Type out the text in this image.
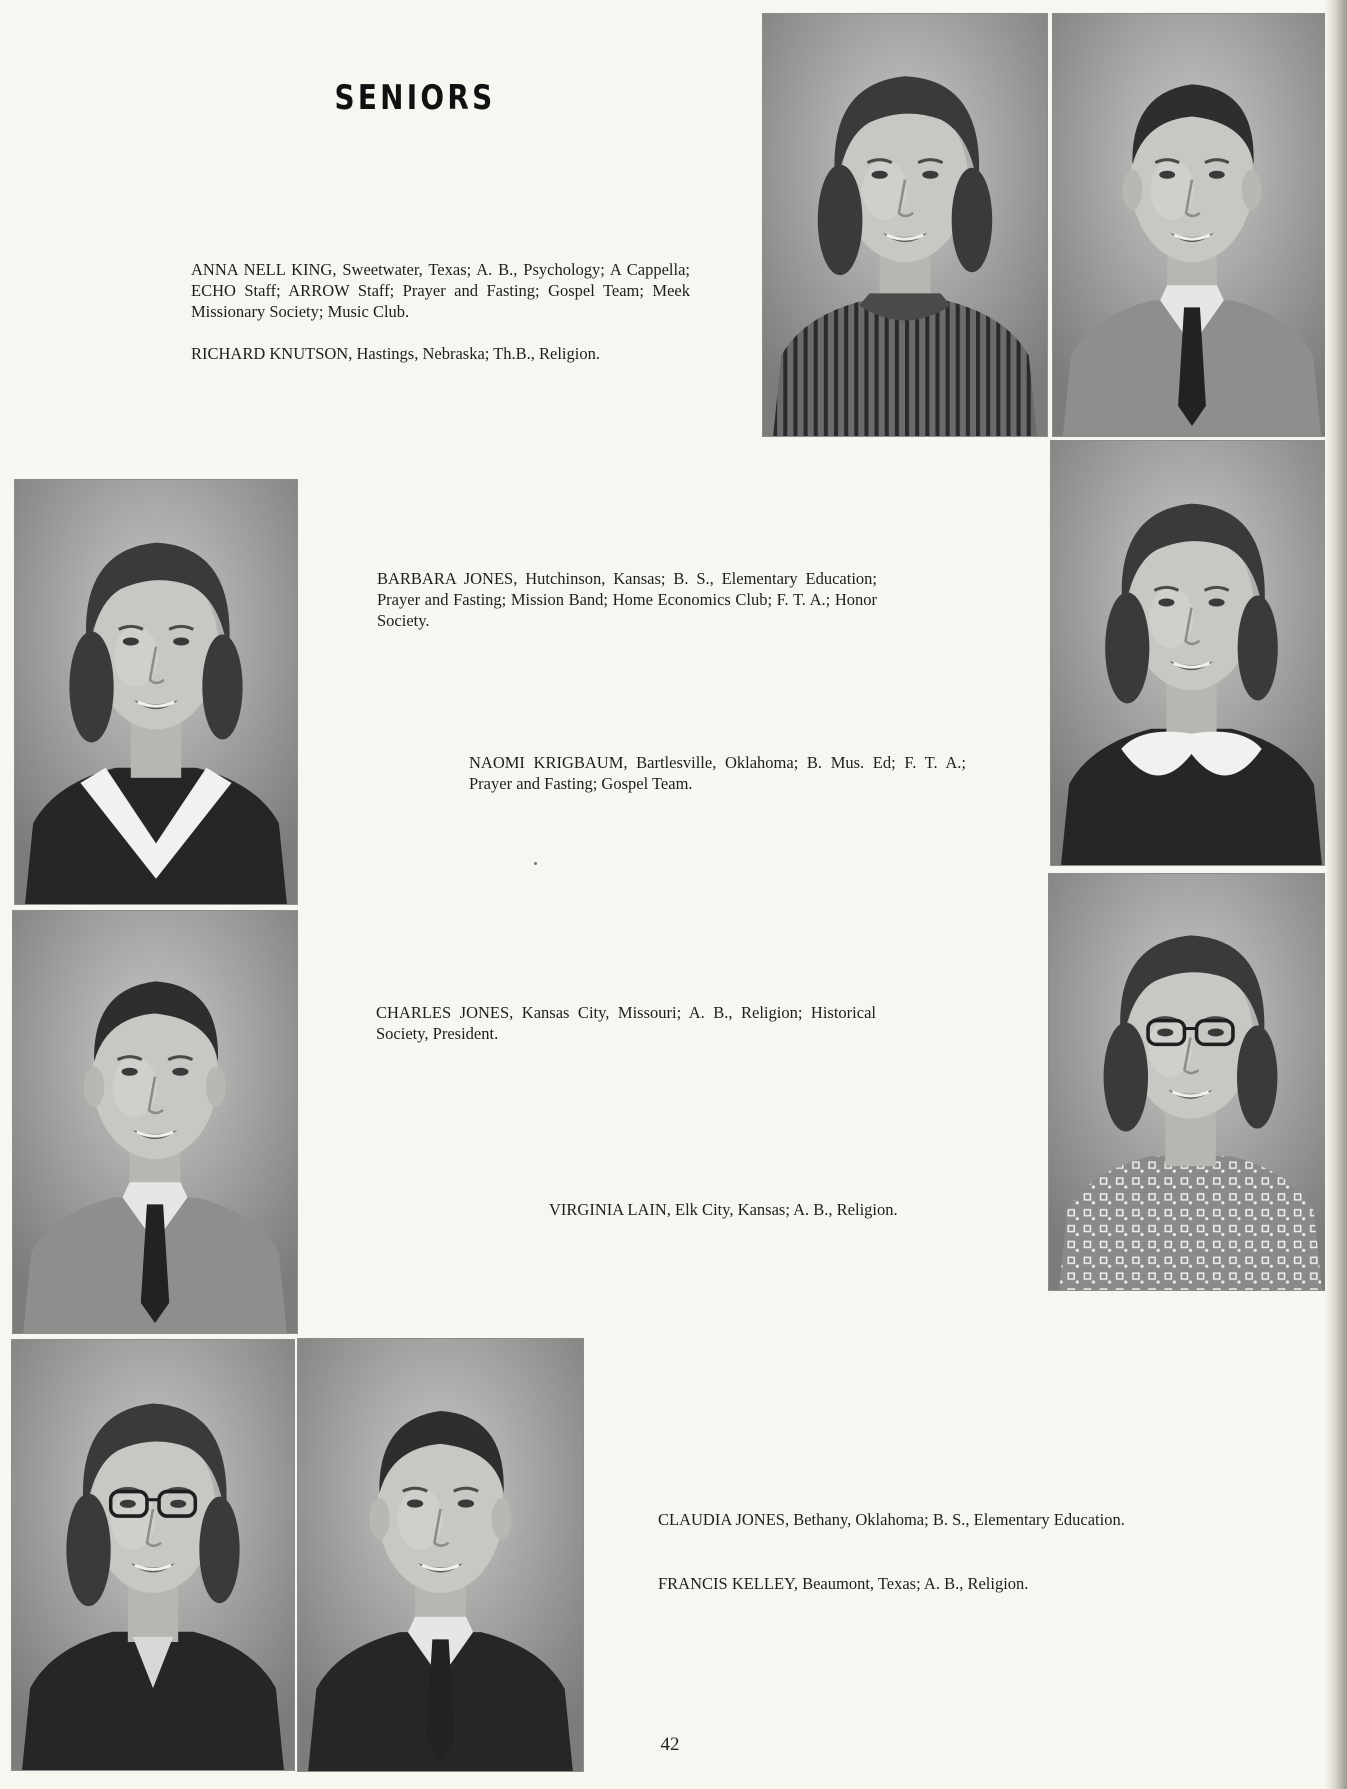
SENIORS

ANNA NELL KING, Sweetwater, Texas; A. B., Psychology; A Cappella; ECHO Staff; ARROW Staff; Prayer and Fasting; Gospel Team; Meek Missionary Society; Music Club.

RICHARD KNUTSON, Hastings, Nebraska; Th.B., Religion.

BARBARA JONES, Hutchinson, Kansas; B. S., Elementary Education; Prayer and Fasting; Mission Band; Home Economics Club; F. T. A.; Honor Society.

NAOMI KRIGBAUM, Bartlesville, Oklahoma; B. Mus. Ed; F. T. A.; Prayer and Fasting; Gospel Team.

CHARLES JONES, Kansas City, Missouri; A. B., Religion; Historical Society, President.

VIRGINIA LAIN, Elk City, Kansas; A. B., Religion.

CLAUDIA JONES, Bethany, Oklahoma; B. S., Elementary Education.

FRANCIS KELLEY, Beaumont, Texas; A. B., Religion.

42
